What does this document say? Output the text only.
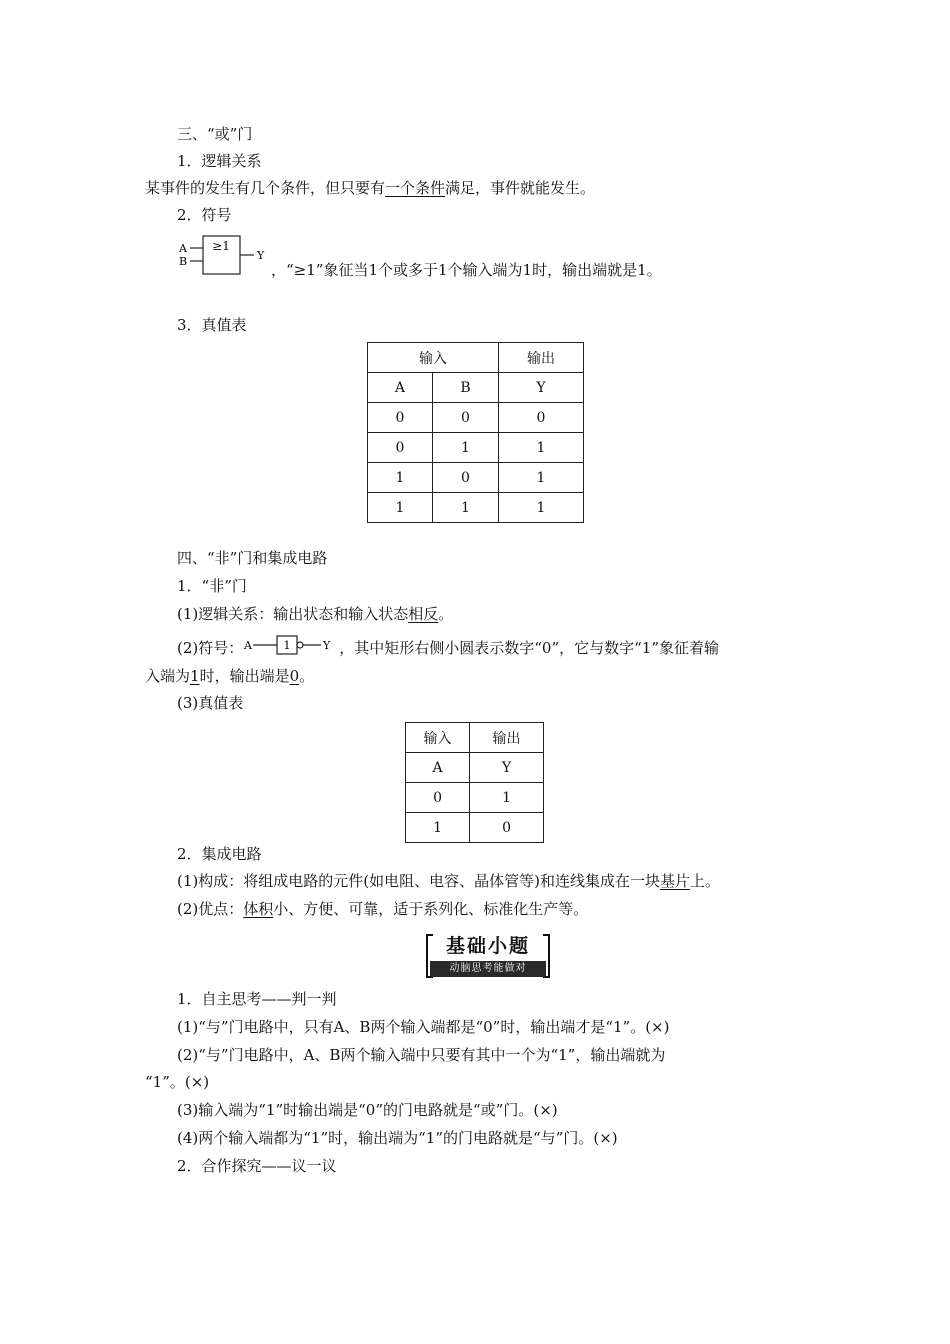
三、“或”门
1．逻辑关系
某事件的发生有几个条件，但只要有一个条件满足，事件就能发生。
2．符号
≥1
A
B	Y
，“≥1”象征当1个或多于1个输入端为1时，输出端就是1。
3．真值表
输入		输出
A	B	Y
0	0	0
0	1	1
1	0	1
1	1	1
四、“非”门和集成电路
1．“非”门
(1)逻辑关系：输出状态和输入状态相反。
(2)符号： A	1	Y ，其中矩形右侧小圆表示数字“0”，它与数字“1”象征着输
入端为1时，输出端是0。
(3)真值表
输入	输出
A	Y
0	1
1	0
2．集成电路
(1)构成：将组成电路的元件(如电阻、电容、晶体管等)和连线集成在一块基片上。
(2)优点：体积小、方便、可靠，适于系列化、标准化生产等。
基础小题
动脑思考能做对
1．自主思考——判一判
(1)“与”门电路中，只有A、B两个输入端都是“0”时，输出端才是“1”。(×)
(2)“与”门电路中，A、B两个输入端中只要有其中一个为“1”，输出端就为
“1”。(×)
(3)输入端为“1”时输出端是“0”的门电路就是“或”门。(×)
(4)两个输入端都为“1”时，输出端为“1”的门电路就是“与”门。(×)
2．合作探究——议一议
